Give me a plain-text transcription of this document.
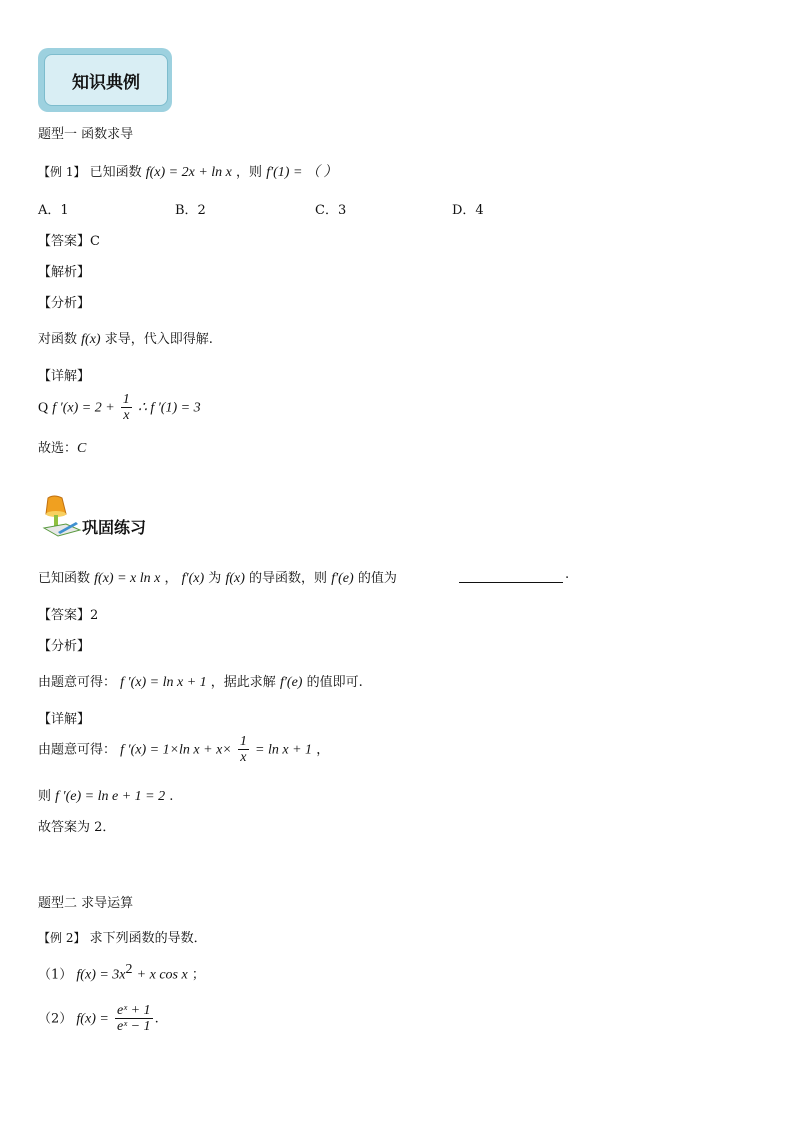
知识典例
题型一 函数求导
【例 1】 已知函数 f(x) = 2x + ln x ，则 f′(1) = （ ）
A．1	B．2	C．3	D．4
【答案】C
【解析】
【分析】
对函数 f(x) 求导，代入即得解.
【详解】
Q f $'(x) = 2 + \frac{1}{x}$ ∴ f ′(1) = 3
故选：C
巩固练习
已知函数 f(x) = x ln x ， f′(x) 为 f(x) 的导函数，则 f′(e) 的值为	.
【答案】2
【分析】
由题意可得： f ′(x) = ln x + 1 ，据此求解 f′(e) 的值即可.
【详解】
由题意可得： f ′(x) = 1×ln $x + x\times \frac{1}{x} = \ln x + 1$ ，
则 f ′(e) = ln e + 1 = 2 .
故答案为 2．
题型二 求导运算
【例 2】 求下列函数的导数．
（1） $f(x) = 3x^2 + x$ cos x ；
（2） $f(x) = \frac{\text{eˣ + 1}}{\text{eˣ − 1}}$ .
